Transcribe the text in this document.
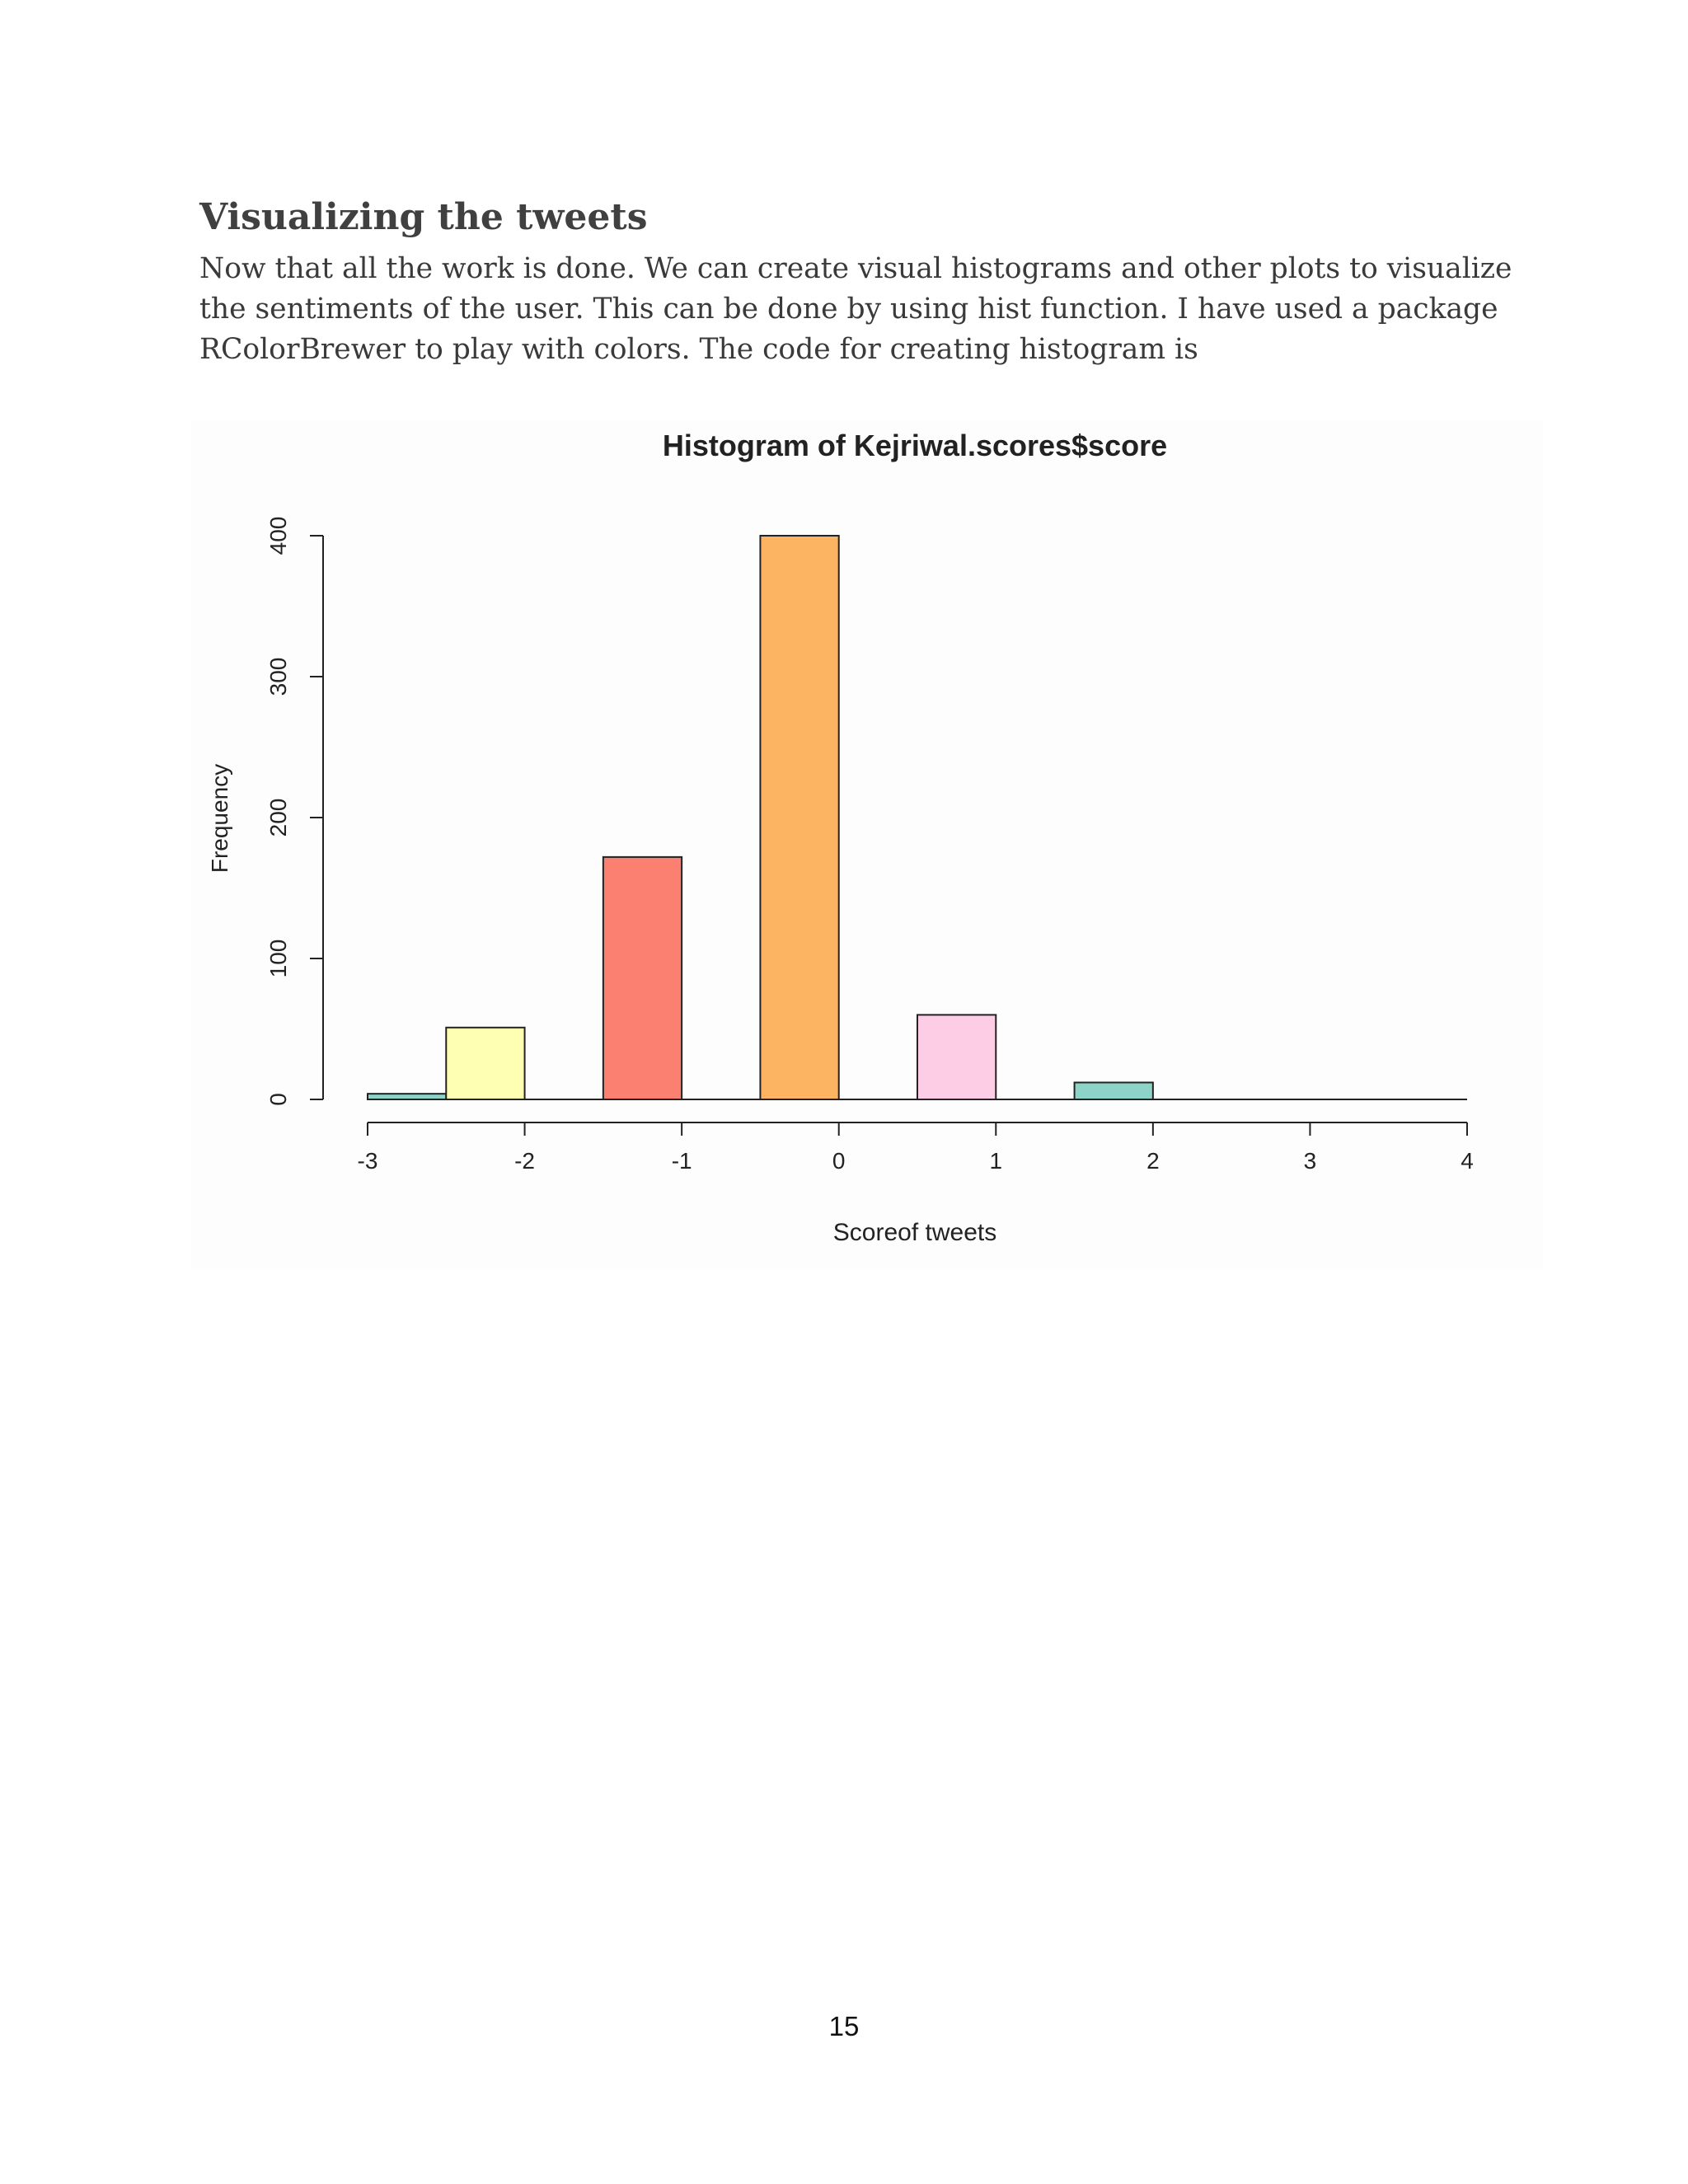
Visualizing the tweets

Now that all the work is done. We can create visual histograms and other plots to visualize the sentiments of the user. This can be done by using hist function. I have used a package RColorBrewer to play with colors. The code for creating histogram is

Histogram of Kejriwal.scores$score
Frequency
Scoreof tweets
0
100
200
300
400
-3	-2	-1	0	1	2	3	4
15
